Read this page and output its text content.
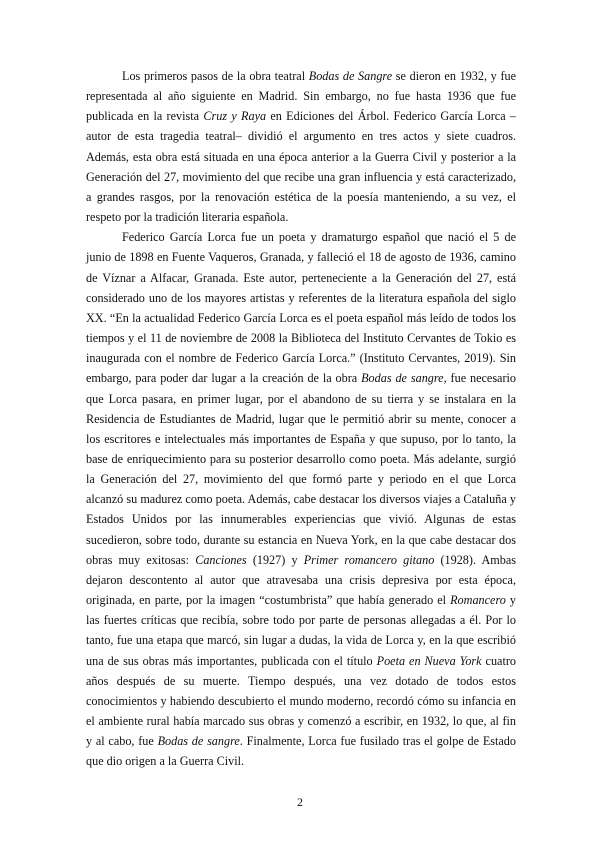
Los primeros pasos de la obra teatral Bodas de Sangre se dieron en 1932, y fue representada al año siguiente en Madrid. Sin embargo, no fue hasta 1936 que fue publicada en la revista Cruz y Raya en Ediciones del Árbol. Federico García Lorca –autor de esta tragedia teatral– dividió el argumento en tres actos y siete cuadros. Además, esta obra está situada en una época anterior a la Guerra Civil y posterior a la Generación del 27, movimiento del que recibe una gran influencia y está caracterizado, a grandes rasgos, por la renovación estética de la poesía manteniendo, a su vez, el respeto por la tradición literaria española.

Federico García Lorca fue un poeta y dramaturgo español que nació el 5 de junio de 1898 en Fuente Vaqueros, Granada, y falleció el 18 de agosto de 1936, camino de Víznar a Alfacar, Granada. Este autor, perteneciente a la Generación del 27, está considerado uno de los mayores artistas y referentes de la literatura española del siglo XX. “En la actualidad Federico García Lorca es el poeta español más leído de todos los tiempos y el 11 de noviembre de 2008 la Biblioteca del Instituto Cervantes de Tokio es inaugurada con el nombre de Federico García Lorca.” (Instituto Cervantes, 2019). Sin embargo, para poder dar lugar a la creación de la obra Bodas de sangre, fue necesario que Lorca pasara, en primer lugar, por el abandono de su tierra y se instalara en la Residencia de Estudiantes de Madrid, lugar que le permitió abrir su mente, conocer a los escritores e intelectuales más importantes de España y que supuso, por lo tanto, la base de enriquecimiento para su posterior desarrollo como poeta. Más adelante, surgió la Generación del 27, movimiento del que formó parte y periodo en el que Lorca alcanzó su madurez como poeta. Además, cabe destacar los diversos viajes a Cataluña y Estados Unidos por las innumerables experiencias que vivió. Algunas de estas sucedieron, sobre todo, durante su estancia en Nueva York, en la que cabe destacar dos obras muy exitosas: Canciones (1927) y Primer romancero gitano (1928). Ambas dejaron descontento al autor que atravesaba una crisis depresiva por esta época, originada, en parte, por la imagen “costumbrista” que había generado el Romancero y las fuertes críticas que recibía, sobre todo por parte de personas allegadas a él. Por lo tanto, fue una etapa que marcó, sin lugar a dudas, la vida de Lorca y, en la que escribió una de sus obras más importantes, publicada con el título Poeta en Nueva York cuatro años después de su muerte. Tiempo después, una vez dotado de todos estos conocimientos y habiendo descubierto el mundo moderno, recordó cómo su infancia en el ambiente rural había marcado sus obras y comenzó a escribir, en 1932, lo que, al fin y al cabo, fue Bodas de sangre. Finalmente, Lorca fue fusilado tras el golpe de Estado que dio origen a la Guerra Civil.

2
